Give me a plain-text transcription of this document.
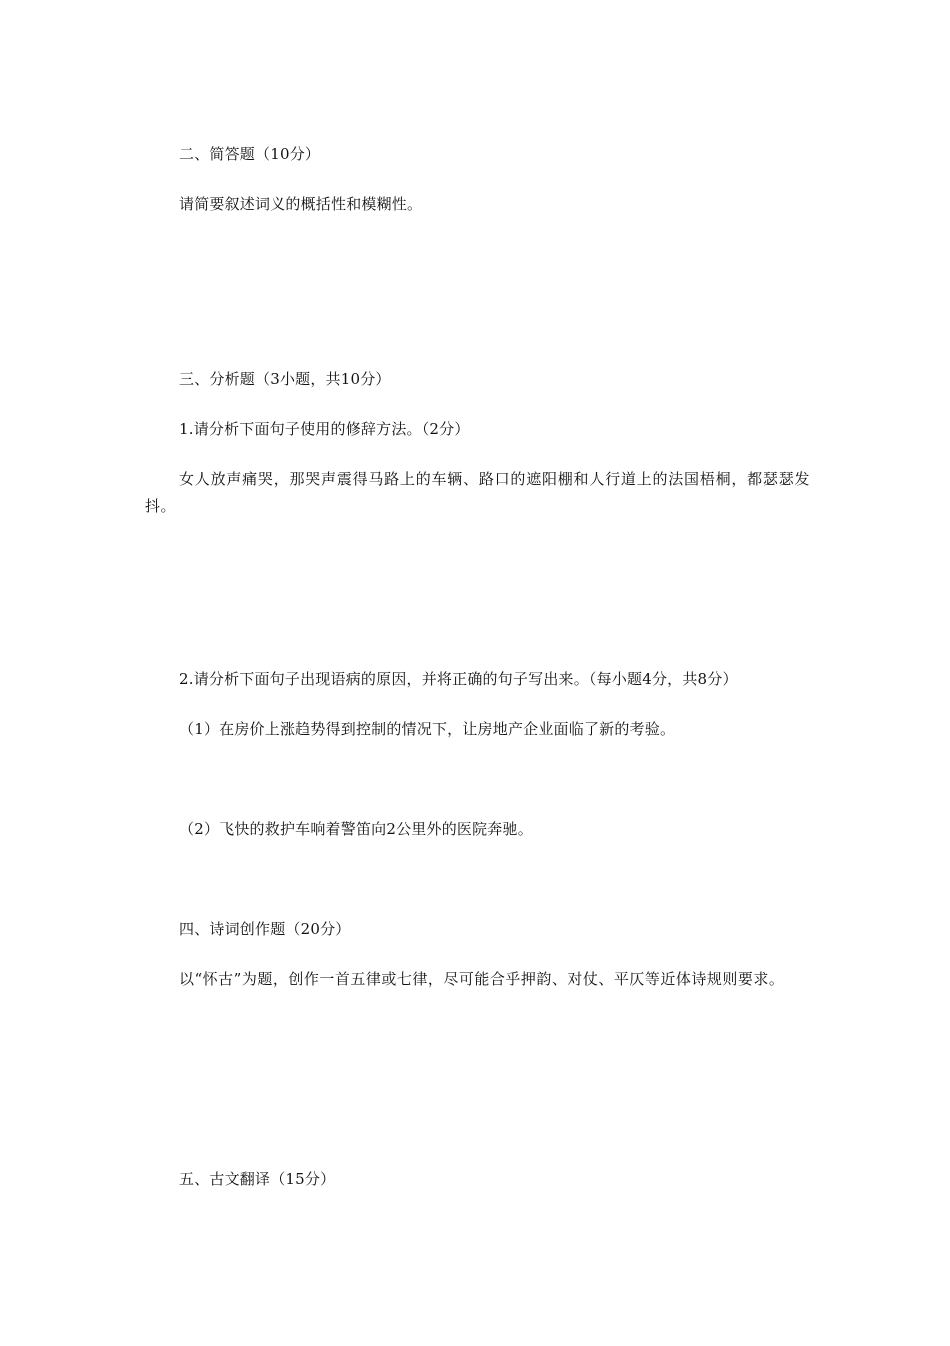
二、简答题（10分）
请简要叙述词义的概括性和模糊性。
三、分析题（3小题，共10分）
1.请分析下面句子使用的修辞方法。（2分）
女人放声痛哭，那哭声震得马路上的车辆、路口的遮阳棚和人行道上的法国梧桐，都瑟瑟发抖。
2.请分析下面句子出现语病的原因，并将正确的句子写出来。（每小题4分，共8分）
（1）在房价上涨趋势得到控制的情况下，让房地产企业面临了新的考验。
（2）飞快的救护车响着警笛向2公里外的医院奔驰。
四、诗词创作题（20分）
以“怀古”为题，创作一首五律或七律，尽可能合乎押韵、对仗、平仄等近体诗规则要求。
五、古文翻译（15分）
